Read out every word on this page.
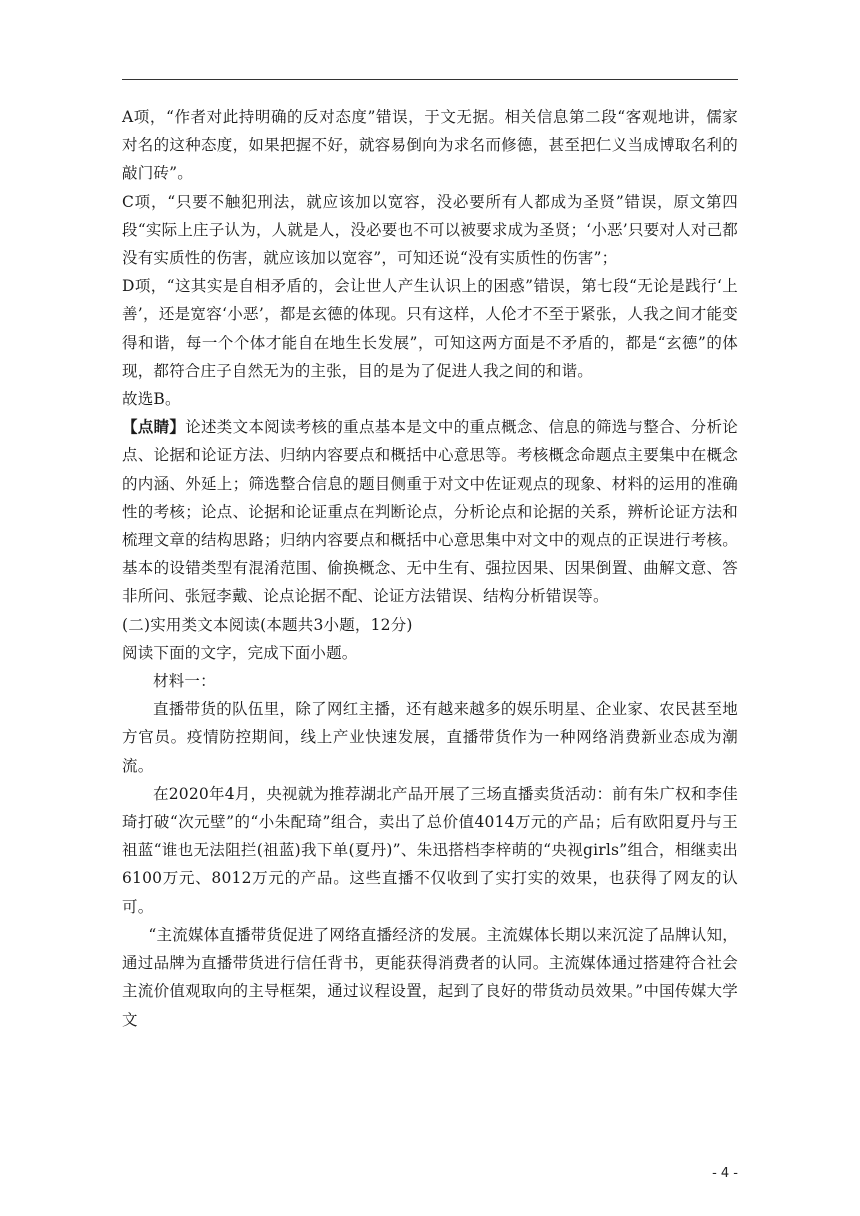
A项，“作者对此持明确的反对态度”错误，于文无据。相关信息第二段“客观地讲，儒家对名的这种态度，如果把握不好，就容易倒向为求名而修德，甚至把仁义当成博取名利的敲门砖”。

C项，“只要不触犯刑法，就应该加以宽容，没必要所有人都成为圣贤”错误，原文第四段“实际上庄子认为，人就是人，没必要也不可以被要求成为圣贤；‘小恶’只要对人对己都没有实质性的伤害，就应该加以宽容”，可知还说“没有实质性的伤害”；

D项，“这其实是自相矛盾的，会让世人产生认识上的困惑”错误，第七段“无论是践行‘上善’，还是宽容‘小恶’，都是玄德的体现。只有这样，人伦才不至于紧张，人我之间才能变得和谐，每一个个体才能自在地生长发展”，可知这两方面是不矛盾的，都是“玄德”的体现，都符合庄子自然无为的主张，目的是为了促进人我之间的和谐。

故选B。

【点睛】论述类文本阅读考核的重点基本是文中的重点概念、信息的筛选与整合、分析论点、论据和论证方法、归纳内容要点和概括中心意思等。考核概念命题点主要集中在概念的内涵、外延上；筛选整合信息的题目侧重于对文中佐证观点的现象、材料的运用的准确性的考核；论点、论据和论证重点在判断论点，分析论点和论据的关系，辨析论证方法和梳理文章的结构思路；归纳内容要点和概括中心意思集中对文中的观点的正误进行考核。基本的设错类型有混淆范围、偷换概念、无中生有、强拉因果、因果倒置、曲解文意、答非所问、张冠李戴、论点论据不配、论证方法错误、结构分析错误等。

(二)实用类文本阅读(本题共3小题，12分)

阅读下面的文字，完成下面小题。

材料一：

直播带货的队伍里，除了网红主播，还有越来越多的娱乐明星、企业家、农民甚至地方官员。疫情防控期间，线上产业快速发展，直播带货作为一种网络消费新业态成为潮流。

在2020年4月，央视就为推荐湖北产品开展了三场直播卖货活动：前有朱广权和李佳琦打破“次元壁”的“小朱配琦”组合，卖出了总价值4014万元的产品；后有欧阳夏丹与王祖蓝“谁也无法阻拦(祖蓝)我下单(夏丹)”、朱迅搭档李梓萌的“央视girls”组合，相继卖出6100万元、8012万元的产品。这些直播不仅收到了实打实的效果，也获得了网友的认可。

“主流媒体直播带货促进了网络直播经济的发展。主流媒体长期以来沉淀了品牌认知，通过品牌为直播带货进行信任背书，更能获得消费者的认同。主流媒体通过搭建符合社会主流价值观取向的主导框架，通过议程设置，起到了良好的带货动员效果。”中国传媒大学文

- 4 -
